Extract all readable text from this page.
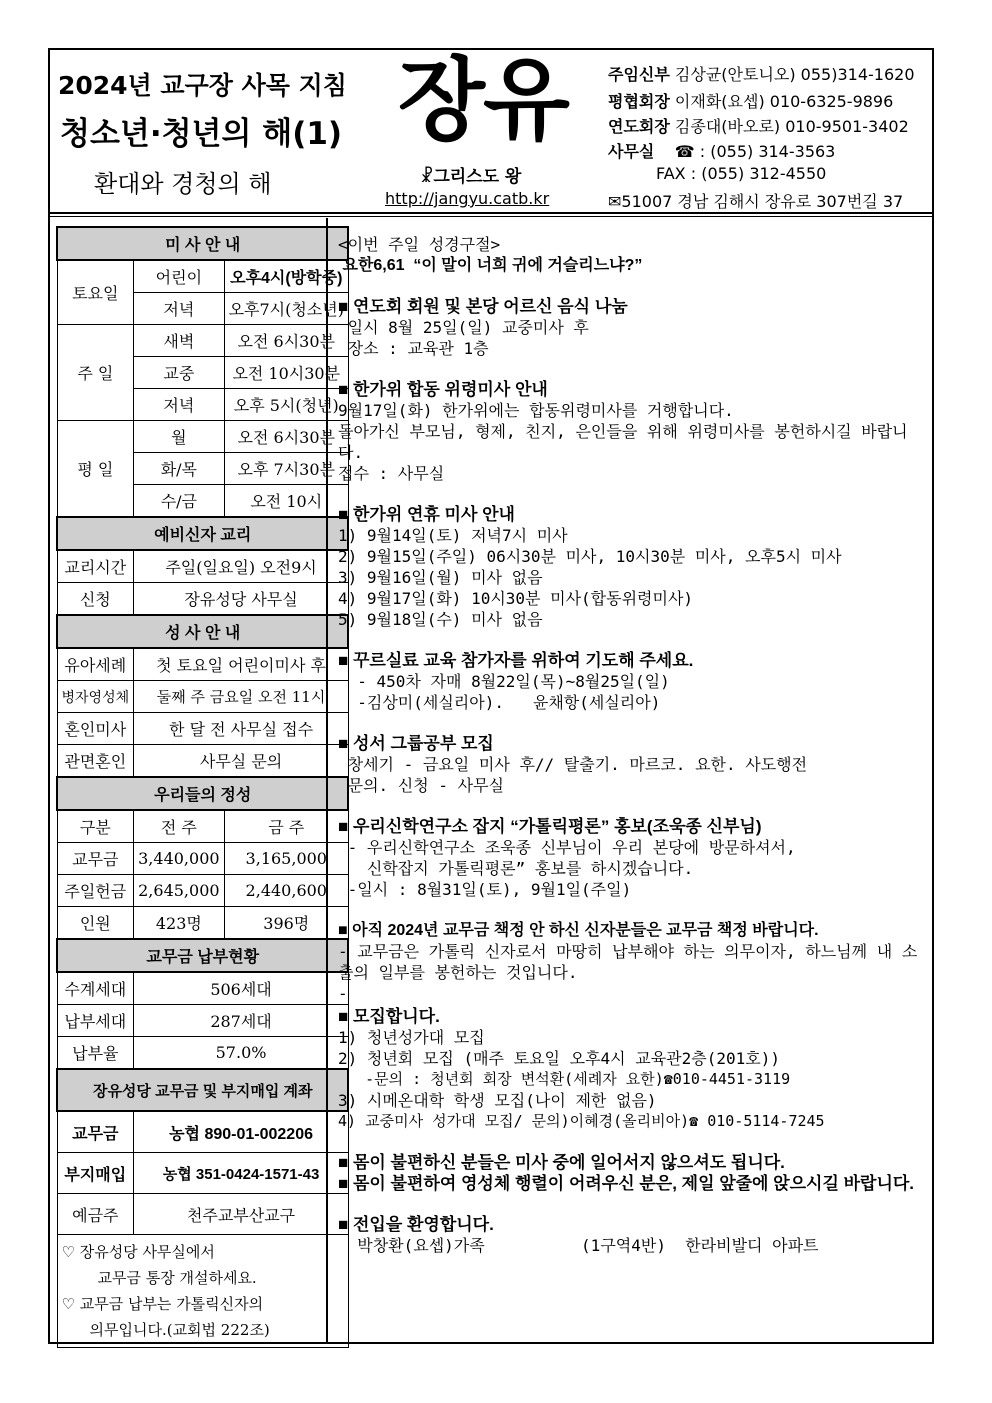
2024년 교구장 사목 지침
청소년·청년의 해(1)
환대와 경청의 해
장유
☧그리스도 왕
http://jangyu.catb.kr
주임신부 김상균(안토니오) 055)314-1620
평협회장 이재화(요셉) 010-6325-9896
연도회장 김종대(바오로) 010-9501-3402
사무실 ☎ : (055) 314-3563
FAX : (055) 312-4550
✉51007 경남 김해시 장유로 307번길 37
미 사 안 내		
토요일	어린이	오후4시(방학중)
	저녁	오후7시(청소년)
주 일	새벽	오전 6시30분
	교중	오전 10시30분
	저녁	오후 5시(청년)
평 일	월	오전 6시30분
	화/목	오후 7시30분
	수/금	오전 10시
예비신자 교리		
교리시간	주일(일요일) 오전9시	
신청	장유성당 사무실	
성 사 안 내		
유아세례	첫 토요일 어린이미사 후	
병자영성체	둘째 주 금요일 오전 11시	
혼인미사	한 달 전 사무실 접수	
관면혼인	사무실 문의	
우리들의 정성		
구분	전 주	금 주
교무금	3,440,000	3,165,000
주일헌금	2,645,000	2,440,600
인원	423명	396명
교무금 납부현황		
수계세대	506세대	
납부세대	287세대	
납부율	57.0%	
장유성당 교무금 및 부지매입 계좌		
교무금	농협 890-01-002206	
부지매입	농협 351-0424-1571-43	
예금주	천주교부산교구	

♡ 장유성당 사무실에서
교무금 통장 개설하세요.
♡ 교무금 납부는 가톨릭신자의
의무입니다.(교회법 222조)		
<이번 주일 성경구절>
요한6,61  “이 말이 너희 귀에 거슬리느냐?”
■ 연도회 회원 및 본당 어르신 음식 나눔
일시 8월 25일(일) 교중미사 후
장소 : 교육관 1층
■ 한가위 합동 위령미사 안내
9월17일(화) 한가위에는 합동위령미사를 거행합니다.
돌아가신 부모님, 형제, 친지, 은인들을 위해 위령미사를 봉헌하시길 바랍니다.
접수 : 사무실
■ 한가위 연휴 미사 안내
1) 9월14일(토) 저녁7시 미사
2) 9월15일(주일) 06시30분 미사, 10시30분 미사, 오후5시 미사
3) 9월16일(월) 미사 없음
4) 9월17일(화) 10시30분 미사(합동위령미사)
5) 9월18일(수) 미사 없음
■ 꾸르실료 교육 참가자를 위하여 기도해 주세요.
- 450차 자매 8월22일(목)~8월25일(일)
-김상미(세실리아).   윤채항(세실리아)
■ 성서 그룹공부 모집
창세기 - 금요일 미사 후// 탈출기. 마르코. 요한. 사도행전
문의. 신청 - 사무실
■ 우리신학연구소 잡지 “가톨릭평론” 홍보(조욱종 신부님)
- 우리신학연구소 조욱종 신부님이 우리 본당에 방문하셔서,
신학잡지 가톨릭평론” 홍보를 하시겠습니다.
-일시 : 8월31일(토), 9월1일(주일)
■ 아직 2024년 교무금 책정 안 하신 신자분들은 교무금 책정 바랍니다.
- 교무금은 가톨릭 신자로서 마땅히 납부해야 하는 의무이자, 하느님께 내 소출의 일부를 봉헌하는 것입니다.
-
■ 모집합니다.
1) 청년성가대 모집
2) 청년회 모집 (매주 토요일 오후4시 교육관2층(201호))
-문의 : 청년회 회장 변석환(세례자 요한)☎010-4451-3119
3) 시메온대학 학생 모집(나이 제한 없음)
4) 교중미사 성가대 모집/ 문의)이혜경(올리비아)☎ 010-5114-7245
■ 몸이 불편하신 분들은 미사 중에 일어서지 않으셔도 됩니다.
■ 몸이 불편하여 영성체 행렬이 어려우신 분은, 제일 앞줄에 앉으시길 바랍니다.
■ 전입을 환영합니다.
박창환(요셉)가족          (1구역4반)  한라비발디 아파트
